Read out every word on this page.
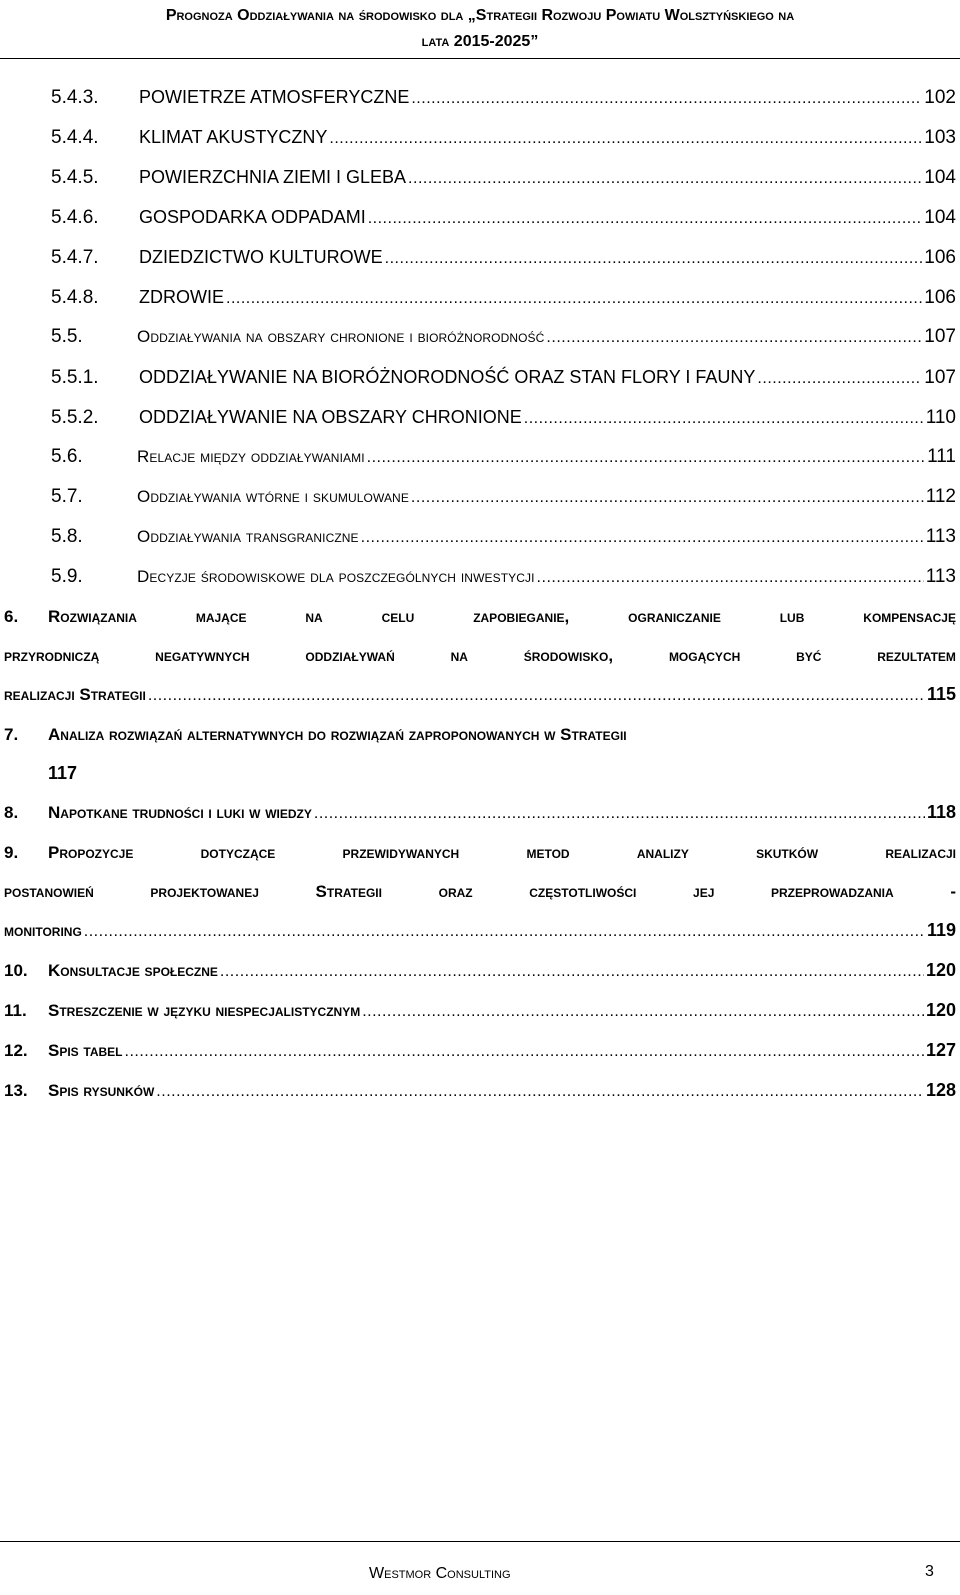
Prognoza Oddziaływania na środowisko dla „Strategii Rozwoju Powiatu Wolsztyńskiego na
lata 2015-2025”
5.4.3.	POWIETRZE ATMOSFERYCZNE .....	102
5.4.4.	KLIMAT AKUSTYCZNY .....	103
5.4.5.	POWIERZCHNIA ZIEMI I GLEBA .....	104
5.4.6.	GOSPODARKA ODPADAMI .....	104
5.4.7.	DZIEDZICTWO KULTUROWE .....	106
5.4.8.	ZDROWIE .....	106
5.5.	Oddziaływania na obszary chronione i bioróżnorodność .....	107
5.5.1.	ODDZIAŁYWANIE NA BIORÓŻNORODNOŚĆ ORAZ STAN FLORY I FAUNY .....	107
5.5.2.	ODDZIAŁYWANIE NA OBSZARY CHRONIONE .....	110
5.6.	Relacje między oddziaływaniami .....	111
5.7.	Oddziaływania wtórne i skumulowane .....	112
5.8.	Oddziaływania transgraniczne .....	113
5.9.	Decyzje środowiskowe dla poszczególnych inwestycji .....	113
6.	Rozwiązania	mające	na	celu	zapobieganie,	ograniczanie	lub	kompensację
przyrodniczą	negatywnych	oddziaływań	na	środowisko,	mogących	być	rezultatem
realizacji Strategii .....	115
7.	Analiza rozwiązań alternatywnych do rozwiązań zaproponowanych w Strategii
117
8.	Napotkane trudności i luki w wiedzy .....	118
9.	Propozycje	dotyczące	przewidywanych	metod	analizy	skutków	realizacji
postanowień	projektowanej	Strategii	oraz	częstotliwości	jej	przeprowadzania	-
monitoring .....	119
10.	Konsultacje społeczne .....	120
11.	Streszczenie w języku niespecjalistycznym .....	120
12.	Spis tabel .....	127
13.	Spis rysunków .....	128
Westmor Consulting	3
